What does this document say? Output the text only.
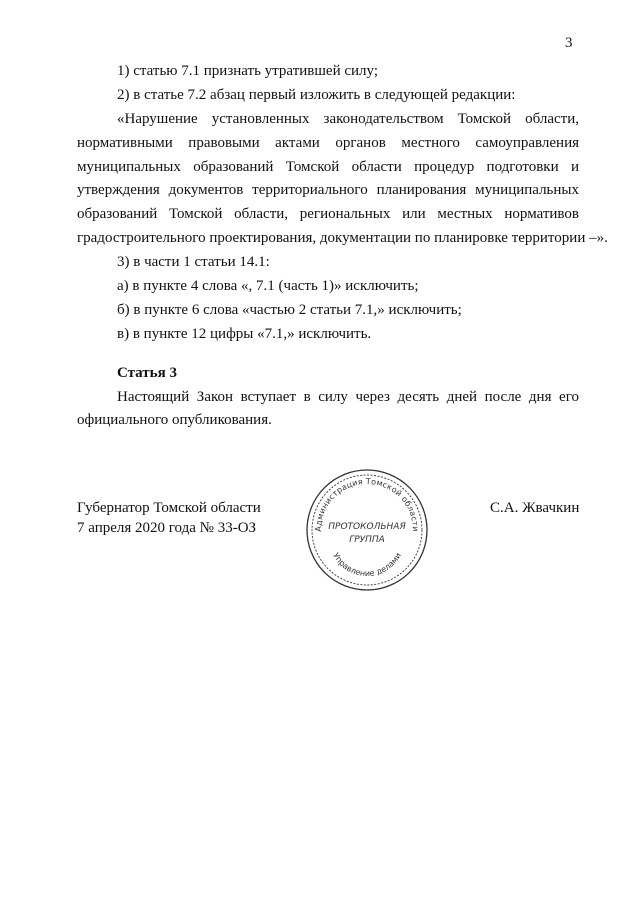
3
1) статью 7.1 признать утратившей силу;
2) в статье 7.2 абзац первый изложить в следующей редакции:
«Нарушение установленных законодательством Томской области,
нормативными правовыми актами органов местного самоуправления
муниципальных образований Томской области процедур подготовки и
утверждения документов территориального планирования муниципальных
образований Томской области, региональных или местных нормативов
градостроительного проектирования, документации по планировке территории –».
3) в части 1 статьи 14.1:
а) в пункте 4 слова «, 7.1 (часть 1)» исключить;
б) в пункте 6 слова «частью 2 статьи 7.1,» исключить;
в) в пункте 12 цифры «7.1,» исключить.
Статья 3
Настоящий Закон вступает в силу через десять дней после дня его
официального опубликования.
Губернатор Томской области
7 апреля 2020 года № 33-ОЗ	Администрация Томской области
ПРОТОКОЛЬНАЯ
ГРУППА
Управление делами
С.А. Жвачкин
